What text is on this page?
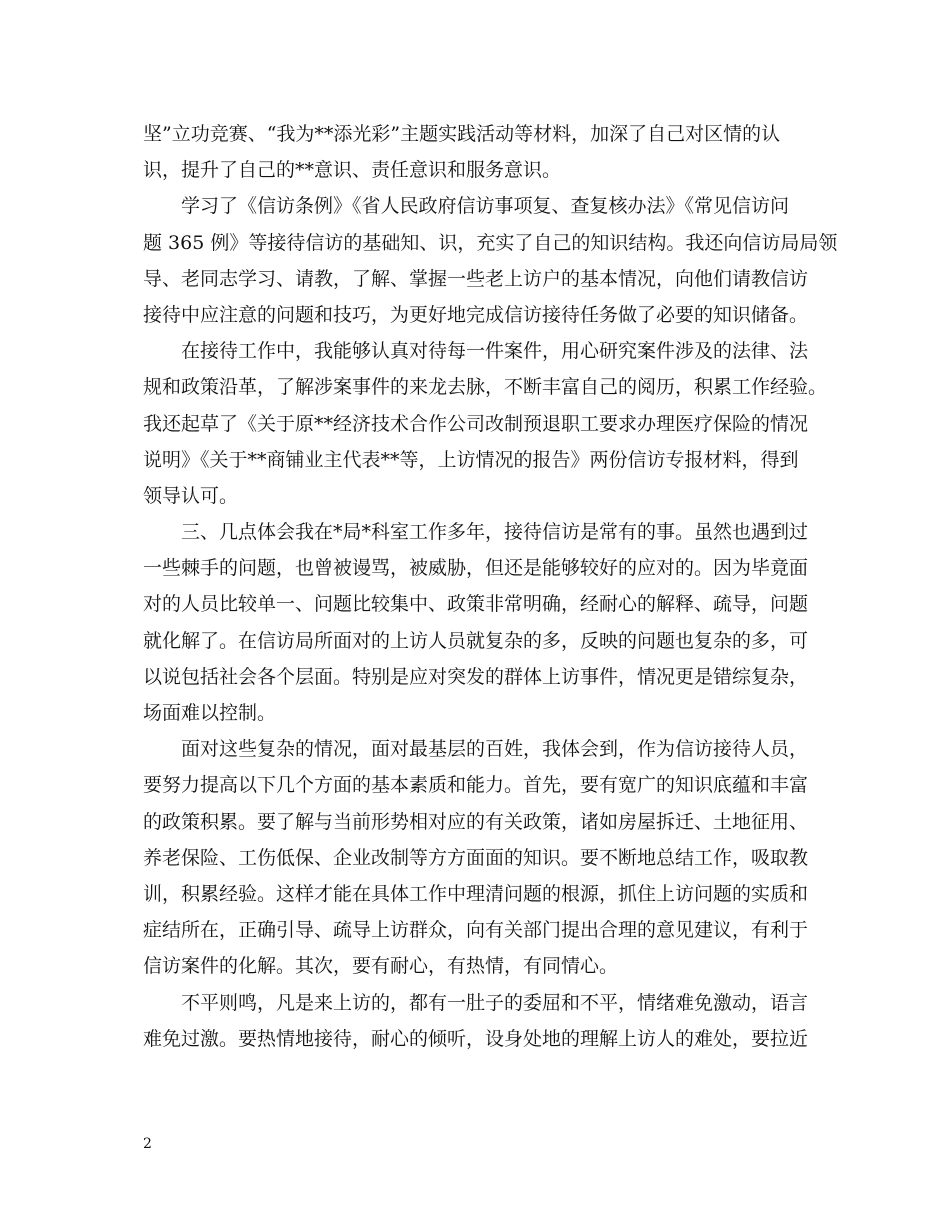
坚”立功竞赛、“我为**添光彩”主题实践活动等材料，加深了自己对区情的认
识，提升了自己的**意识、责任意识和服务意识。
学习了《信访条例》《省人民政府信访事项复、查复核办法》《常见信访问
题 365 例》等接待信访的基础知、识，充实了自己的知识结构。我还向信访局局领
导、老同志学习、请教，了解、掌握一些老上访户的基本情况，向他们请教信访
接待中应注意的问题和技巧，为更好地完成信访接待任务做了必要的知识储备。
在接待工作中，我能够认真对待每一件案件，用心研究案件涉及的法律、法
规和政策沿革，了解涉案事件的来龙去脉，不断丰富自己的阅历，积累工作经验。
我还起草了《关于原**经济技术合作公司改制预退职工要求办理医疗保险的情况
说明》《关于**商铺业主代表**等，上访情况的报告》两份信访专报材料，得到
领导认可。
三、几点体会我在*局*科室工作多年，接待信访是常有的事。虽然也遇到过
一些棘手的问题，也曾被谩骂，被威胁，但还是能够较好的应对的。因为毕竟面
对的人员比较单一、问题比较集中、政策非常明确，经耐心的解释、疏导，问题
就化解了。在信访局所面对的上访人员就复杂的多，反映的问题也复杂的多，可
以说包括社会各个层面。特别是应对突发的群体上访事件，情况更是错综复杂，
场面难以控制。
面对这些复杂的情况，面对最基层的百姓，我体会到，作为信访接待人员，
要努力提高以下几个方面的基本素质和能力。首先，要有宽广的知识底蕴和丰富
的政策积累。要了解与当前形势相对应的有关政策，诸如房屋拆迁、土地征用、
养老保险、工伤低保、企业改制等方方面面的知识。要不断地总结工作，吸取教
训，积累经验。这样才能在具体工作中理清问题的根源，抓住上访问题的实质和
症结所在，正确引导、疏导上访群众，向有关部门提出合理的意见建议，有利于
信访案件的化解。其次，要有耐心，有热情，有同情心。
不平则鸣，凡是来上访的，都有一肚子的委屈和不平，情绪难免激动，语言
难免过激。要热情地接待，耐心的倾听，设身处地的理解上访人的难处，要拉近
2
